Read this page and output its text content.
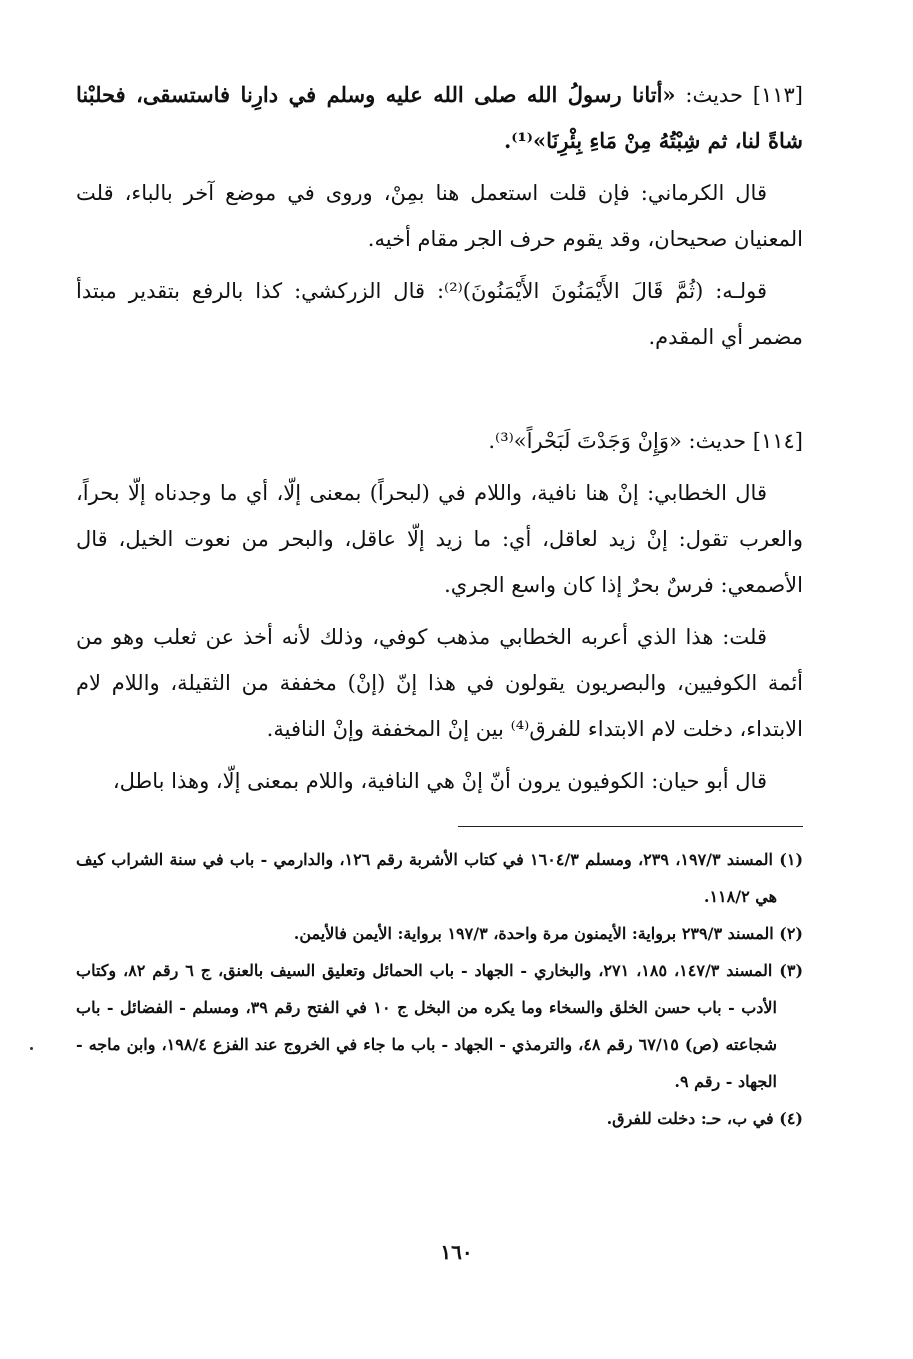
[١١٣] حديث: «أتانا رسولُ الله صلى الله عليه وسلم في دارِنا فاستسقى، فحلبْنا شاةً لنا، ثم شِبْتُهُ مِنْ مَاءِ بِئْرِنَا»⁽¹⁾.

قال الكرماني: فإن قلت استعمل هنا بمِنْ، وروى في موضع آخر بالباء، قلت المعنيان صحيحان، وقد يقوم حرف الجر مقام أخيه.

قولـه: (ثُمَّ قَالَ الأَيْمَنُونَ الأَيْمَنُونَ)⁽²⁾: قال الزركشي: كذا بالرفع بتقدير مبتدأ مضمر أي المقدم.

[١١٤] حديث: «وَإِنْ وَجَدْتَ لَبَحْراً»⁽³⁾.

قال الخطابي: إنْ هنا نافية، واللام في (لبحراً) بمعنى إلّا، أي ما وجدناه إلّا بحراً، والعرب تقول: إنْ زيد لعاقل، أي: ما زيد إلّا عاقل، والبحر من نعوت الخيل، قال الأصمعي: فرسٌ بحرٌ إذا كان واسع الجري.

قلت: هذا الذي أعربه الخطابي مذهب كوفي، وذلك لأنه أخذ عن ثعلب وهو من أئمة الكوفيين، والبصريون يقولون في هذا إنّ (إنْ) مخففة من الثقيلة، واللام لام الابتداء، دخلت لام الابتداء للفرق⁽⁴⁾ بين إنْ المخففة وإنْ النافية.

قال أبو حيان: الكوفيون يرون أنّ إنْ هي النافية، واللام بمعنى إلّا، وهذا باطل،

(١) المسند ١٩٧/٣، ٢٣٩، ومسلم ١٦٠٤/٣ في كتاب الأشربة رقم ١٢٦، والدارمي - باب في سنة الشراب كيف هي ١١٨/٢.

(٢) المسند ٢٣٩/٣ برواية: الأيمنون مرة واحدة، ١٩٧/٣ برواية: الأيمن فالأيمن.

(٣) المسند ١٤٧/٣، ١٨٥، ٢٧١، والبخاري - الجهاد - باب الحمائل وتعليق السيف بالعنق، ج ٦ رقم ٨٢، وكتاب الأدب - باب حسن الخلق والسخاء وما يكره من البخل ج ١٠ في الفتح رقم ٣٩، ومسلم - الفضائل - باب شجاعته (ص) ٦٧/١٥ رقم ٤٨، والترمذي - الجهاد - باب ما جاء في الخروج عند الفزع ١٩٨/٤، وابن ماجه - الجهاد - رقم ٩.

(٤) في ب، حـ: دخلت للفرق.

١٦٠
